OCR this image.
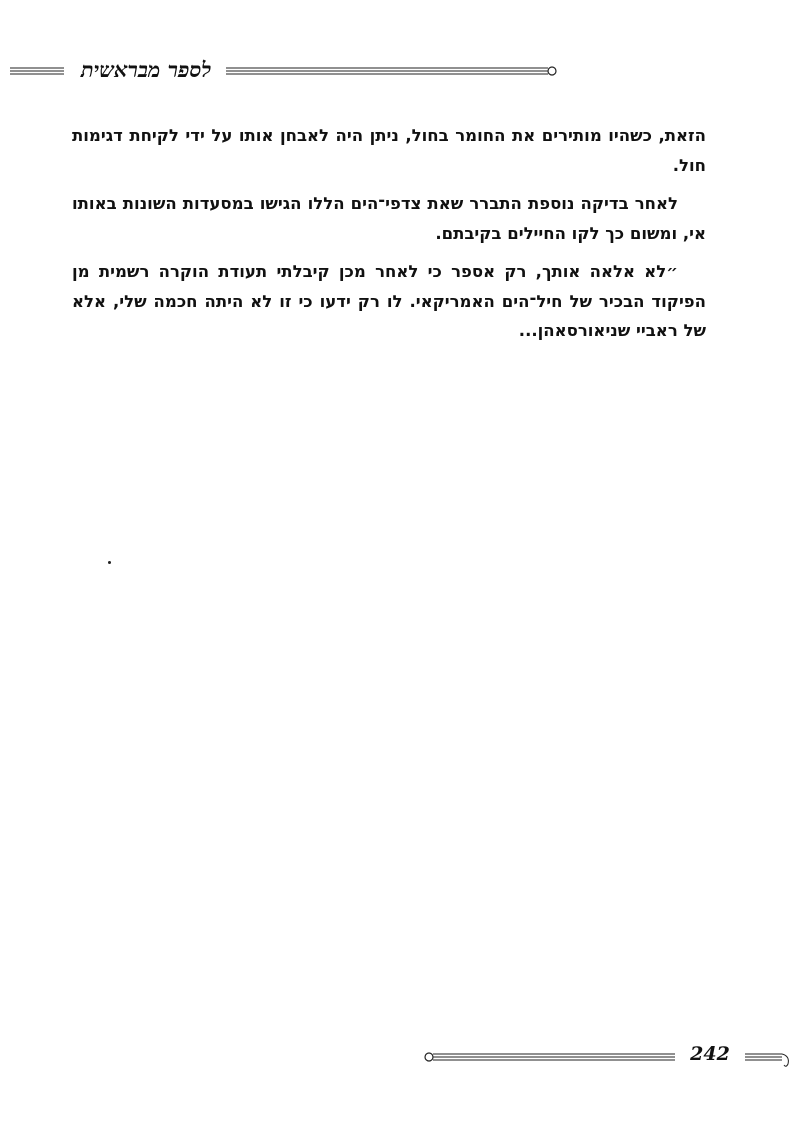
לספר מבראשית

הזאת, כשהיו מותירים את החומר בחול, ניתן היה לאבחן אותו על ידי לקיחת דגימות חול.

לאחר בדיקה נוספת התברר שאת צדפי־הים הללו הגישו במסעדות השונות באותו אי, ומשום כך לקו החיילים בקיבתם.

״לא אלאה אותך, רק אספר כי לאחר מכן קיבלתי תעודת הוקרה רשמית מן הפיקוד הבכיר של חיל־הים האמריקאי. לו רק ידעו כי זו לא היתה חכמה שלי, אלא של ראביי שניאורסאהן...

242
